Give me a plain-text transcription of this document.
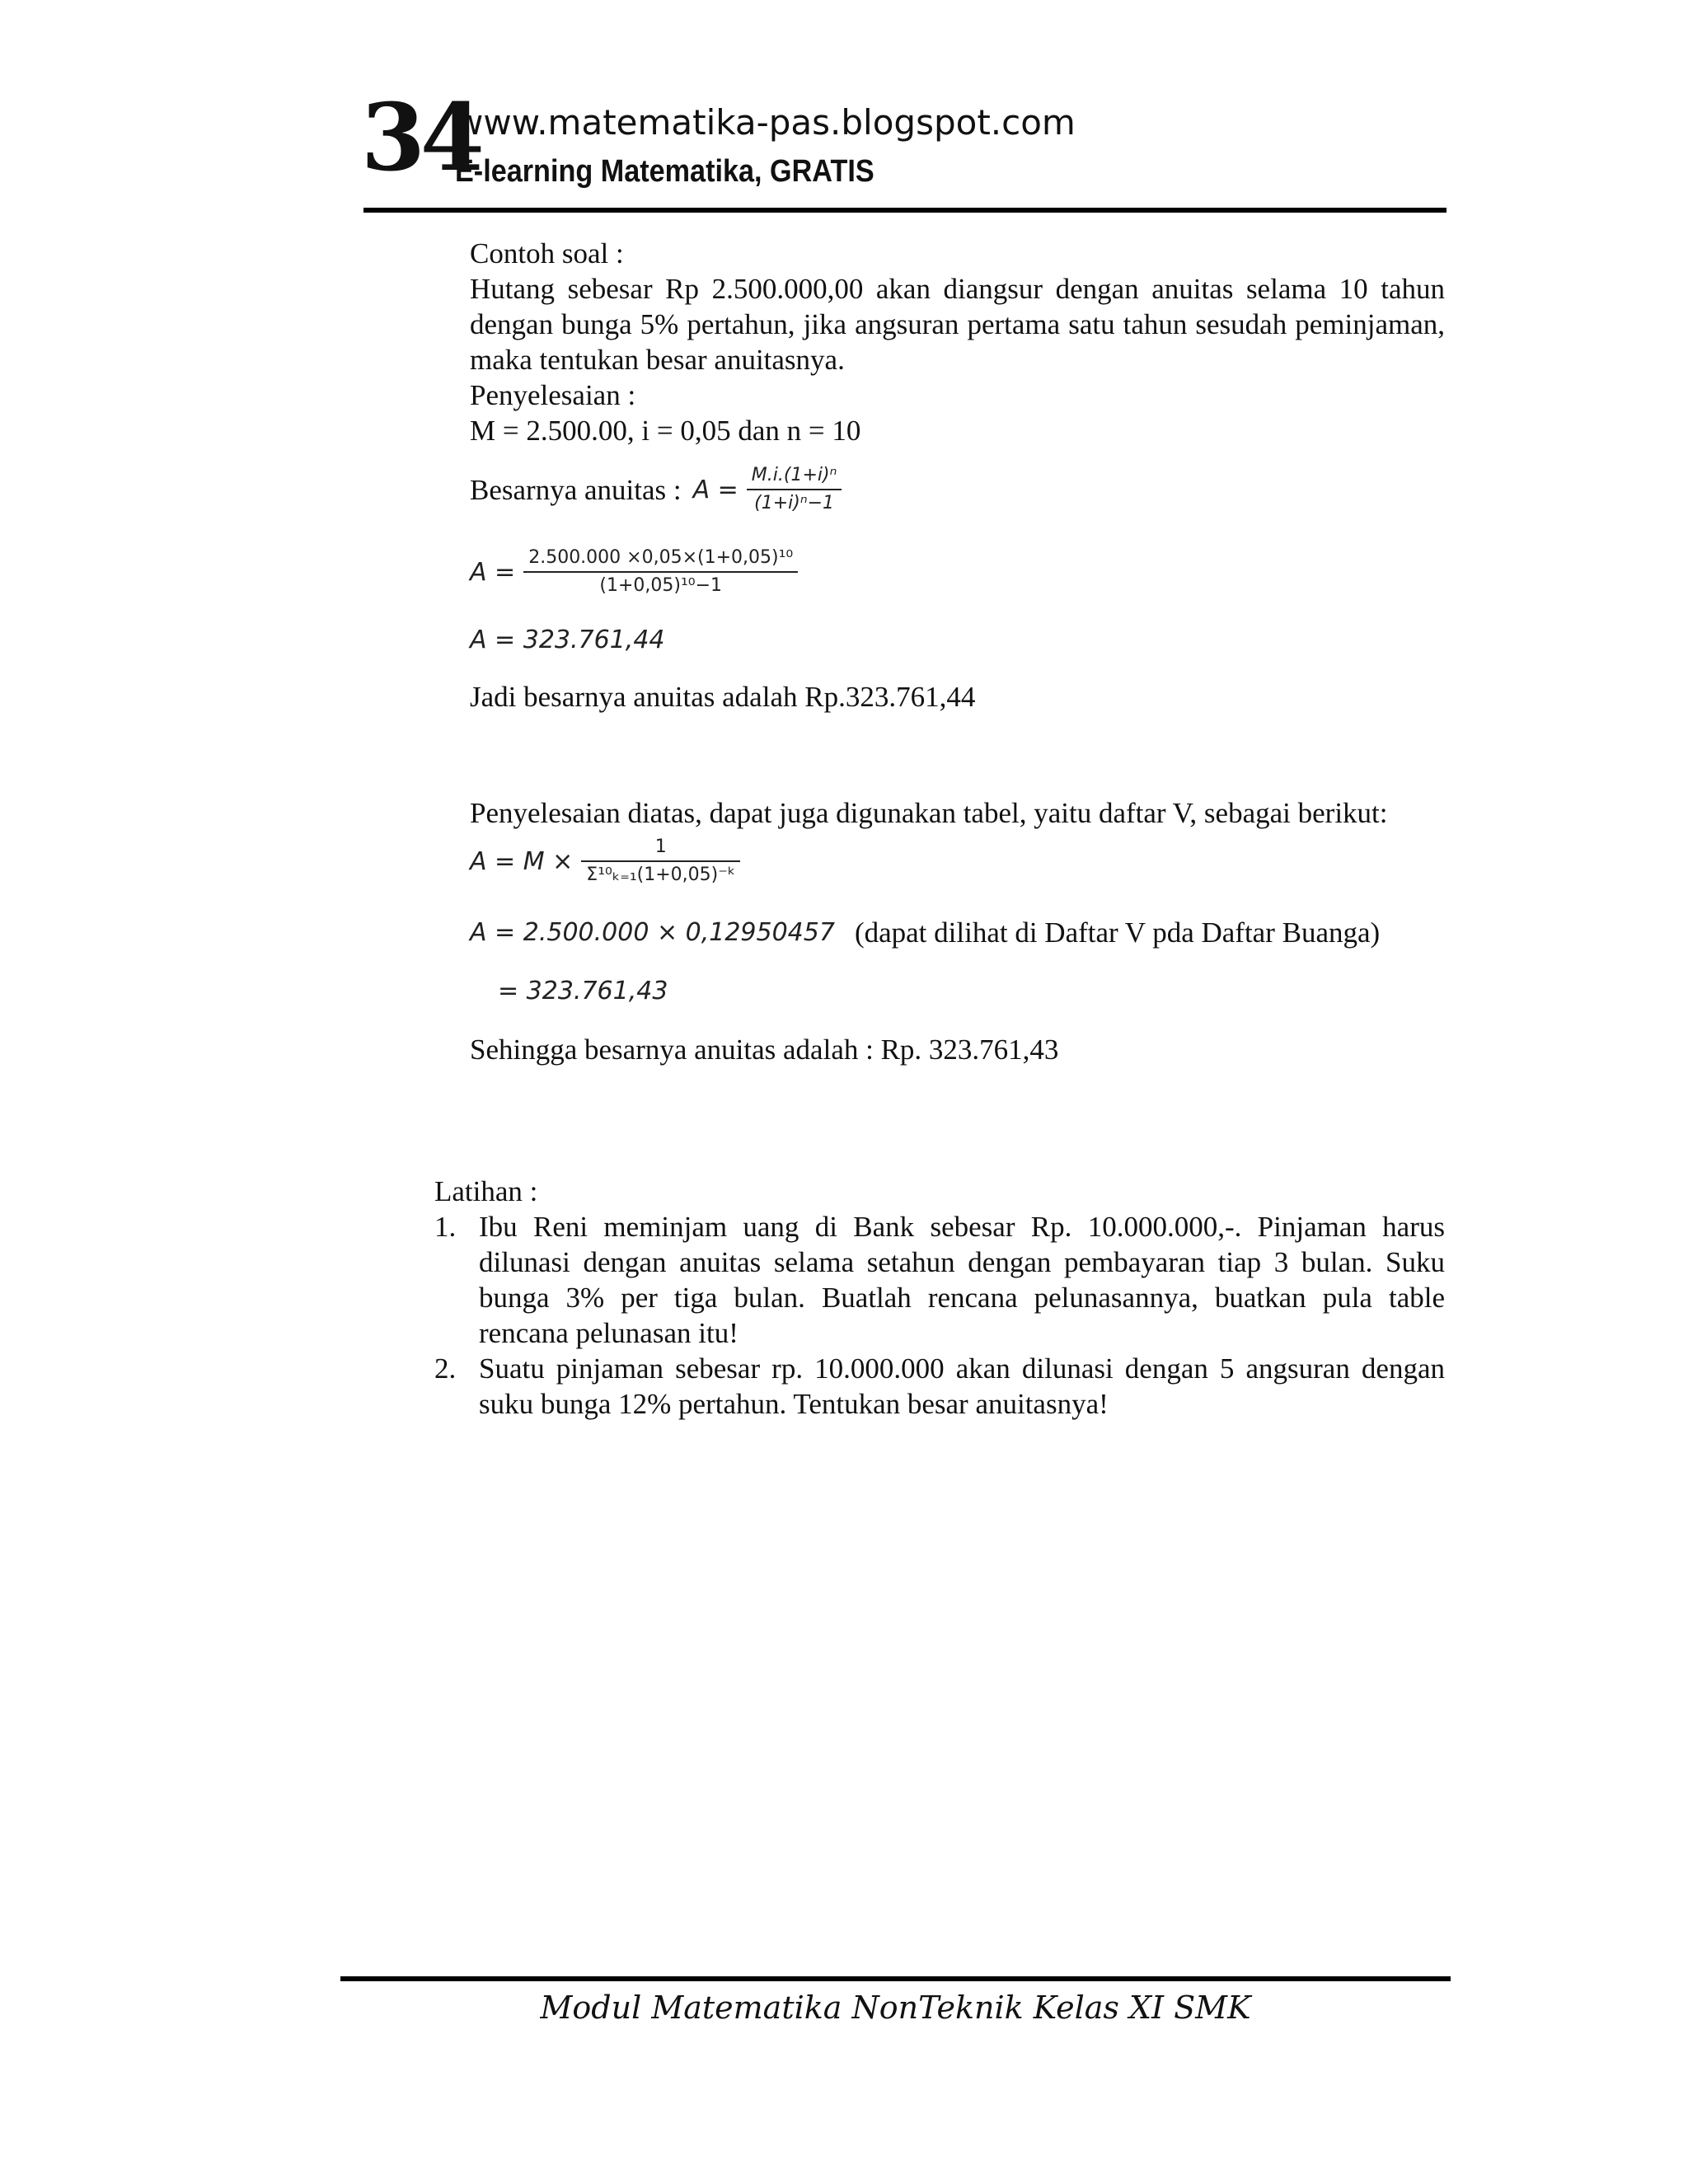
34
www.matematika-pas.blogspot.com
E-learning Matematika, GRATIS

Contoh soal :

Hutang sebesar Rp 2.500.000,00 akan diangsur dengan anuitas selama 10 tahun dengan bunga 5% pertahun, jika angsuran pertama satu tahun sesudah peminjaman, maka tentukan besar anuitasnya.

Penyelesaian :

M = 2.500.00, i = 0,05 dan n = 10

Besarnya anuitas : $A = \frac{\text{M.i.(1+i)ⁿ}}{\text{(1+i)ⁿ−1}}$
$A = \frac{\text{2.500.000 ×0,05×(1+0,05)¹⁰}}{\text{(1+0,05)¹⁰−1}}$
A = 323.761,44

Jadi besarnya anuitas adalah Rp.323.761,44

Penyelesaian diatas, dapat juga digunakan tabel, yaitu daftar V, sebagai berikut:

$A = M \times \frac{1}{\text{Σ¹⁰ₖ₌₁(1+0,05)⁻ᵏ}}$
A = 2.500.000 × 0,12950457 (dapat dilihat di Daftar V pda Daftar Buanga)
= 323.761,43

Sehingga besarnya anuitas adalah : Rp. 323.761,43

Latihan :

1. Ibu Reni meminjam uang di Bank sebesar Rp. 10.000.000,-. Pinjaman harus dilunasi dengan anuitas selama setahun dengan pembayaran tiap 3 bulan. Suku bunga 3% per tiga bulan. Buatlah rencana pelunasannya, buatkan pula table rencana pelunasan itu!
2. Suatu pinjaman sebesar rp. 10.000.000 akan dilunasi dengan 5 angsuran dengan suku bunga 12% pertahun. Tentukan besar anuitasnya!
Modul Matematika NonTeknik Kelas XI SMK
